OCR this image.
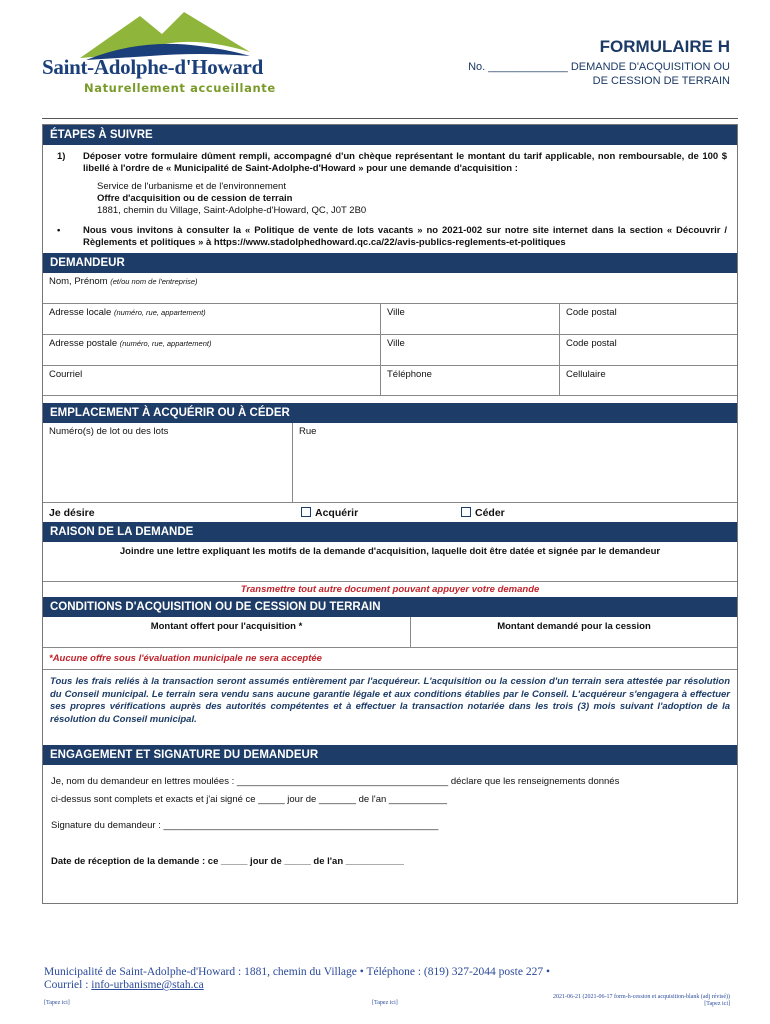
Saint-Adolphe-d'Howard
Naturellement accueillante
FORMULAIRE H
No. _____________ DEMANDE D'ACQUISITION OU
DE CESSION DE TERRAIN
ÉTAPES À SUIVRE
1)	Déposer votre formulaire dûment rempli, accompagné d'un chèque représentant le montant du tarif applicable, non remboursable, de 100 $ libellé à l'ordre de « Municipalité de Saint-Adolphe-d'Howard » pour une demande d'acquisition :
Service de l'urbanisme et de l'environnement
Offre d'acquisition ou de cession de terrain
1881, chemin du Village, Saint-Adolphe-d'Howard, QC, J0T 2B0
•	Nous vous invitons à consulter la « Politique de vente de lots vacants » no 2021-002 sur notre site internet dans la section « Découvrir / Règlements et politiques » à https://www.stadolphedhoward.qc.ca/22/avis-publics-reglements-et-politiques
DEMANDEUR
Nom, Prénom (et/ou nom de l'entreprise)
Adresse locale (numéro, rue, appartement)	Ville	Code postal
Adresse postale (numéro, rue, appartement)	Ville	Code postal
Courriel	Téléphone	Cellulaire
EMPLACEMENT À ACQUÉRIR OU À CÉDER
Numéro(s) de lot ou des lots	Rue
Je désire	Acquérir	Céder
RAISON DE LA DEMANDE
Joindre une lettre expliquant les motifs de la demande d'acquisition, laquelle doit être datée et signée par le demandeur
Transmettre tout autre document pouvant appuyer votre demande
CONDITIONS D'ACQUISITION OU DE CESSION DU TERRAIN
Montant offert pour l'acquisition *	Montant demandé pour la cession
*Aucune offre sous l'évaluation municipale ne sera acceptée
Tous les frais reliés à la transaction seront assumés entièrement par l'acquéreur. L'acquisition ou la cession d'un terrain sera attestée par résolution du Conseil municipal. Le terrain sera vendu sans aucune garantie légale et aux conditions établies par le Conseil. L'acquéreur s'engagera à effectuer ses propres vérifications auprès des autorités compétentes et à effectuer la transaction notariée dans les trois (3) mois suivant l'adoption de la résolution du Conseil municipal.
ENGAGEMENT ET SIGNATURE DU DEMANDEUR
Je, nom du demandeur en lettres moulées : ________________________________________ déclare que les renseignements donnés
ci-dessus sont complets et exacts et j'ai signé ce _____ jour de _______ de l'an ___________
Signature du demandeur : ____________________________________________________
Date de réception de la demande : ce _____ jour de _____ de l'an ___________
Municipalité de Saint-Adolphe-d'Howard : 1881, chemin du Village • Téléphone : (819) 327-2044 poste 227 •
Courriel : info-urbanisme@stah.ca
[Tapez ici]	[Tapez ici]
2021-06-21 (2021-06-17 form-h-cession et acquisition-blank (adj révisé))
[Tapez ici]
